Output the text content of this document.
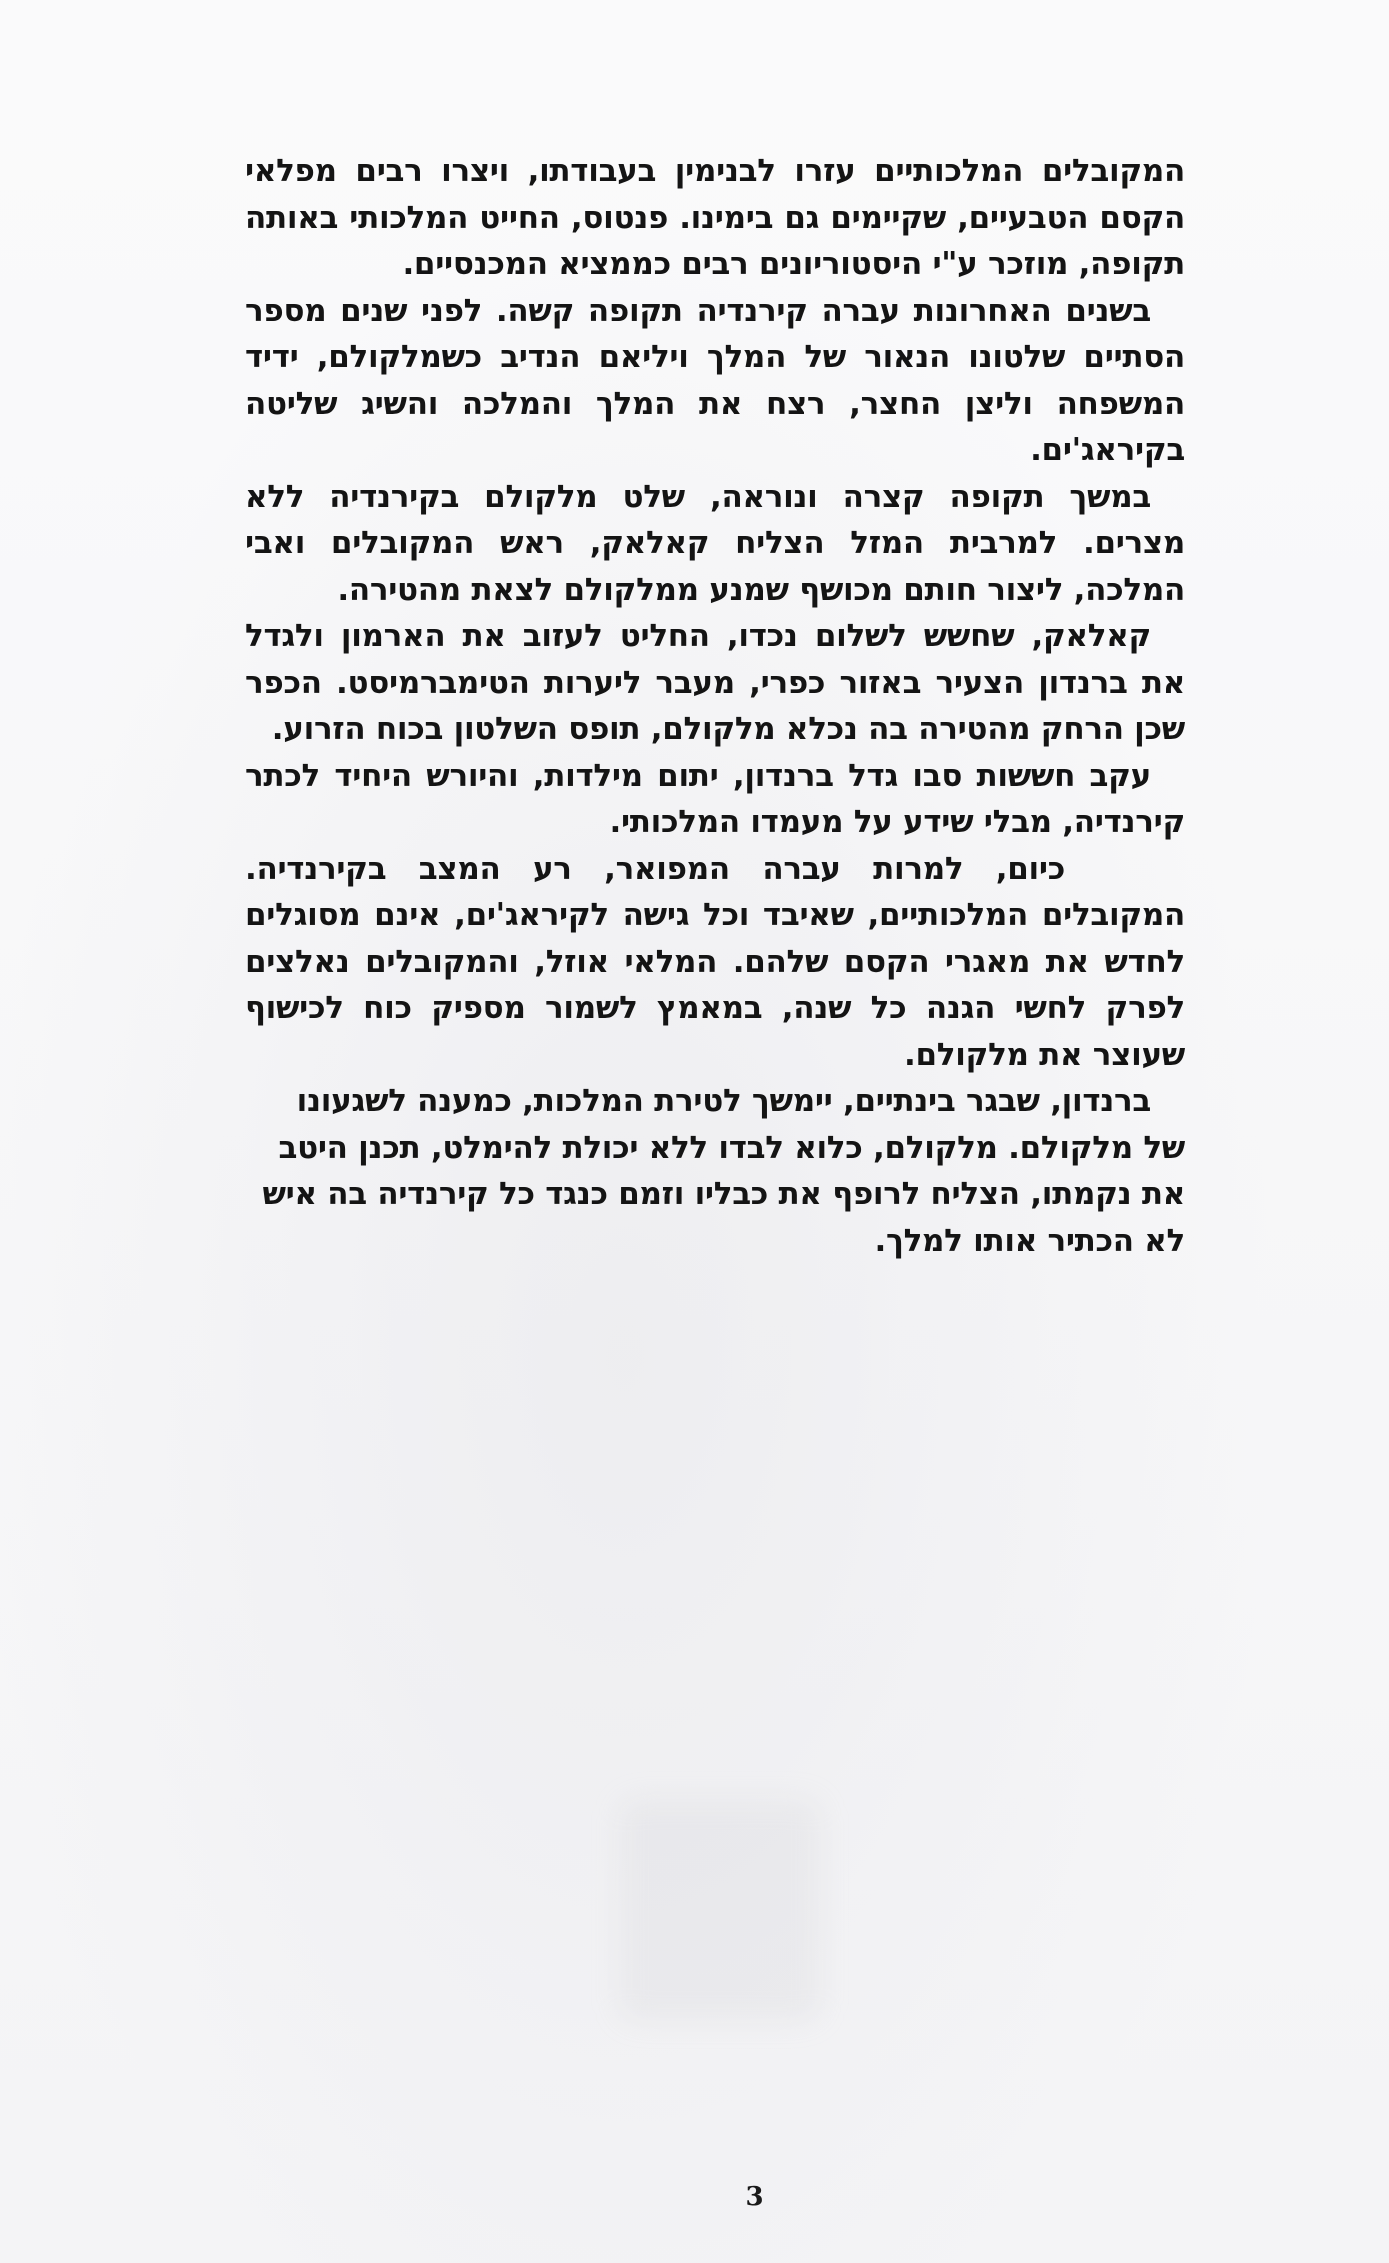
המקובלים המלכותיים עזרו לבנימין בעבודתו, ויצרו רבים מפלאי הקסם הטבעיים, שקיימים גם בימינו. פנטוס, החייט המלכותי באותה תקופה, מוזכר ע"י היסטוריונים רבים כממציא המכנסיים.

בשנים האחרונות עברה קירנדיה תקופה קשה. לפני שנים מספר הסתיים שלטונו הנאור של המלך ויליאם הנדיב כשמלקולם, ידיד המשפחה וליצן החצר, רצח את המלך והמלכה והשיג שליטה בקיראג'ים.

במשך תקופה קצרה ונוראה, שלט מלקולם בקירנדיה ללא מצרים. למרבית המזל הצליח קאלאק, ראש המקובלים ואבי המלכה, ליצור חותם מכושף שמנע ממלקולם לצאת מהטירה.

קאלאק, שחשש לשלום נכדו, החליט לעזוב את הארמון ולגדל את ברנדון הצעיר באזור כפרי, מעבר ליערות הטימברמיסט. הכפר שכן הרחק מהטירה בה נכלא מלקולם, תופס השלטון בכוח הזרוע.

עקב חששות סבו גדל ברנדון, יתום מילדות, והיורש היחיד לכתר קירנדיה, מבלי שידע על מעמדו המלכותי.

כיום, למרות עברה המפואר, רע המצב בקירנדיה. המקובלים המלכותיים, שאיבד וכל גישה לקיראג'ים, אינם מסוגלים לחדש את מאגרי הקסם שלהם. המלאי אוזל, והמקובלים נאלצים לפרק לחשי הגנה כל שנה, במאמץ לשמור מספיק כוח לכישוף שעוצר את מלקולם.

ברנדון, שבגר בינתיים, יימשך לטירת המלכות, כמענה לשגעונו של מלקולם. מלקולם, כלוא לבדו ללא יכולת להימלט, תכנן היטב את נקמתו, הצליח לרופף את כבליו וזמם כנגד כל קירנדיה בה איש לא הכתיר אותו למלך.

3
